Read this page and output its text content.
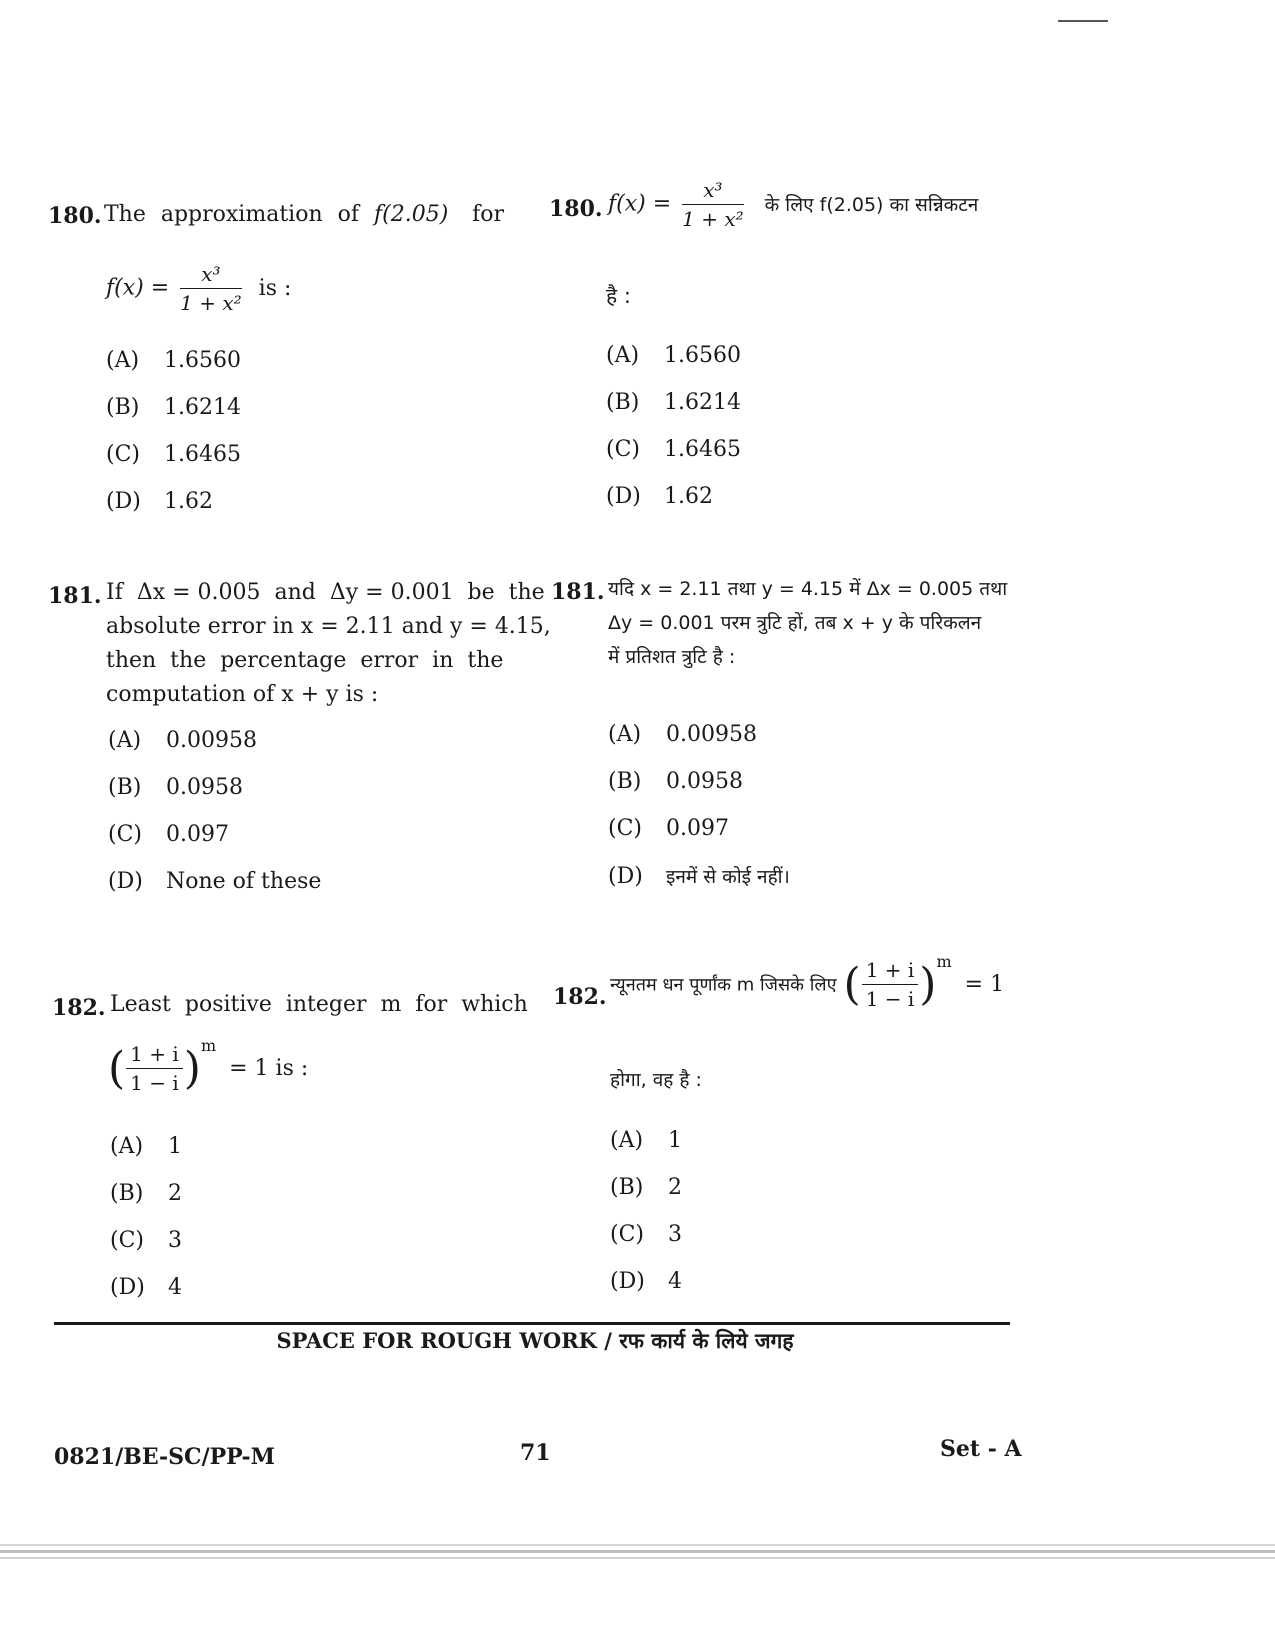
180. The approximation of f(2.05) for
$f(x) = \frac{\text{x³}}{\text{1 + x²}}$ is :
(A) 1.6560
(B) 1.6214
(C) 1.6465
(D) 1.62
180. $f(x) = \frac{\text{x³}}{\text{1 + x²}}$ के लिए f(2.05) का सन्निकटन
है :
(A) 1.6560
(B) 1.6214
(C) 1.6465
(D) 1.62
181. If  Δx = 0.005  and  Δy = 0.001  be  the
absolute error in x = 2.11 and y = 4.15,
then  the  percentage  error  in  the
computation of x + y is :
(A) 0.00958
(B) 0.0958
(C) 0.097
(D) None of these
181. यदि x = 2.11 तथा y = 4.15 में Δx = 0.005 तथा
Δy = 0.001 परम त्रुटि हों, तब x + y के परिकलन
में प्रतिशत त्रुटि है :
(A) 0.00958
(B) 0.0958
(C) 0.097
(D) इनमें से कोई नहीं।
182. Least  positive  integer  m  for  which
( $\frac{1 + i}{1 - i} )^m = 1$ is :
(A) 1
(B) 2
(C) 3
(D) 4
182. न्यूनतम धन पूर्णांक m जिसके लिए ( $\frac{1 + i}{1 - i} )^m = 1$
होगा, वह है :
(A) 1
(B) 2
(C) 3
(D) 4
SPACE FOR ROUGH WORK / रफ कार्य के लिये जगह
0821/BE-SC/PP-M	71	Set - A
